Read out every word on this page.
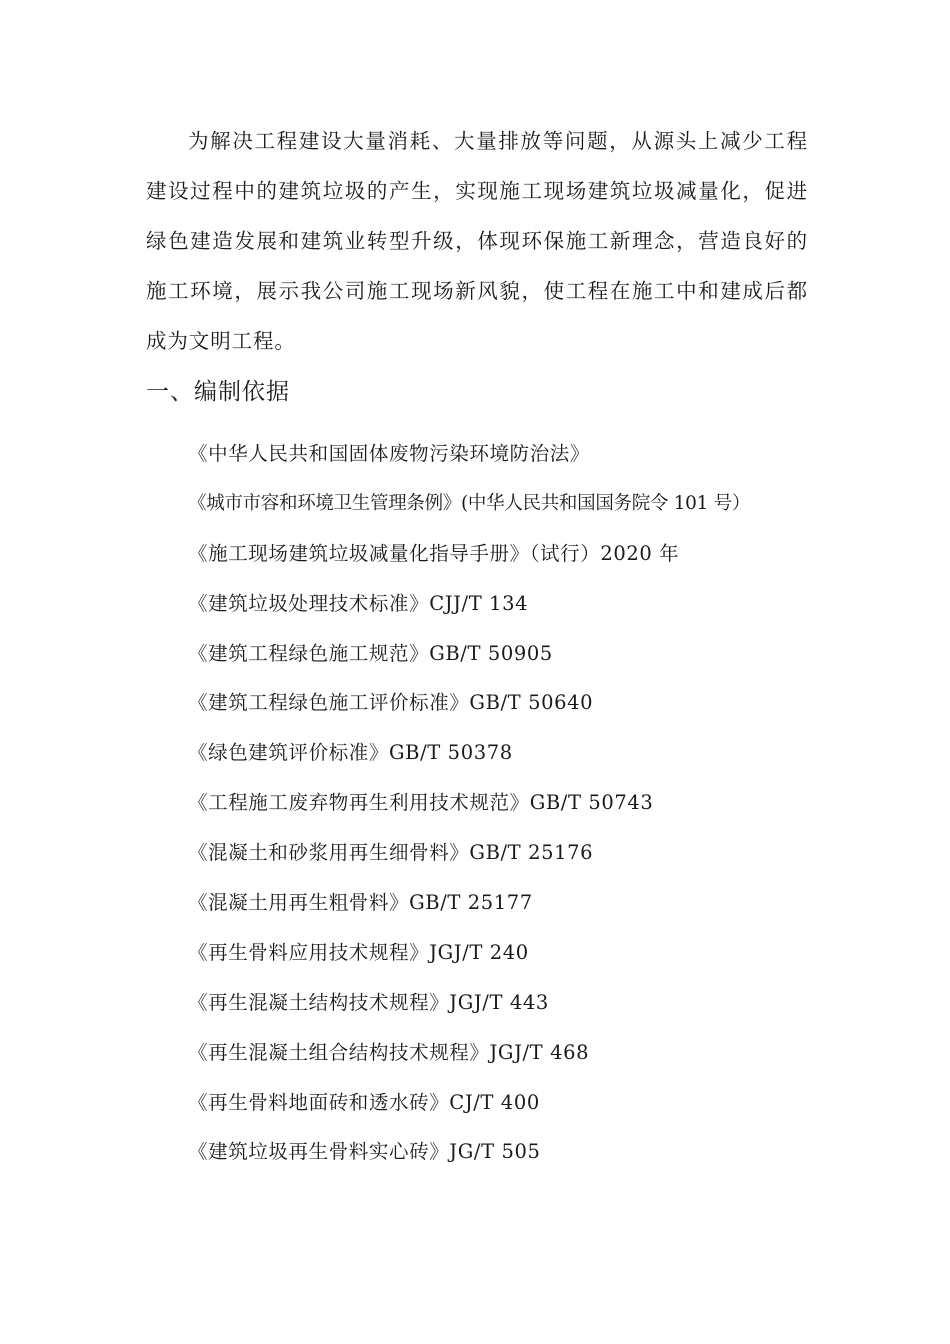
为解决工程建设大量消耗、大量排放等问题，从源头上减少工程建设过程中的建筑垃圾的产生，实现施工现场建筑垃圾减量化，促进绿色建造发展和建筑业转型升级，体现环保施工新理念，营造良好的施工环境，展示我公司施工现场新风貌，使工程在施工中和建成后都成为文明工程。

一、编制依据
《中华人民共和国固体废物污染环境防治法》
《城市市容和环境卫生管理条例》(中华人民共和国国务院令 101 号）
《施工现场建筑垃圾减量化指导手册》（试行）2020 年
《建筑垃圾处理技术标准》CJJ/T 134
《建筑工程绿色施工规范》GB/T 50905
《建筑工程绿色施工评价标准》GB/T 50640
《绿色建筑评价标准》GB/T 50378
《工程施工废弃物再生利用技术规范》GB/T 50743
《混凝土和砂浆用再生细骨料》GB/T 25176
《混凝土用再生粗骨料》GB/T 25177
《再生骨料应用技术规程》JGJ/T 240
《再生混凝土结构技术规程》JGJ/T 443
《再生混凝土组合结构技术规程》JGJ/T 468
《再生骨料地面砖和透水砖》CJ/T 400
《建筑垃圾再生骨料实心砖》JG/T 505
